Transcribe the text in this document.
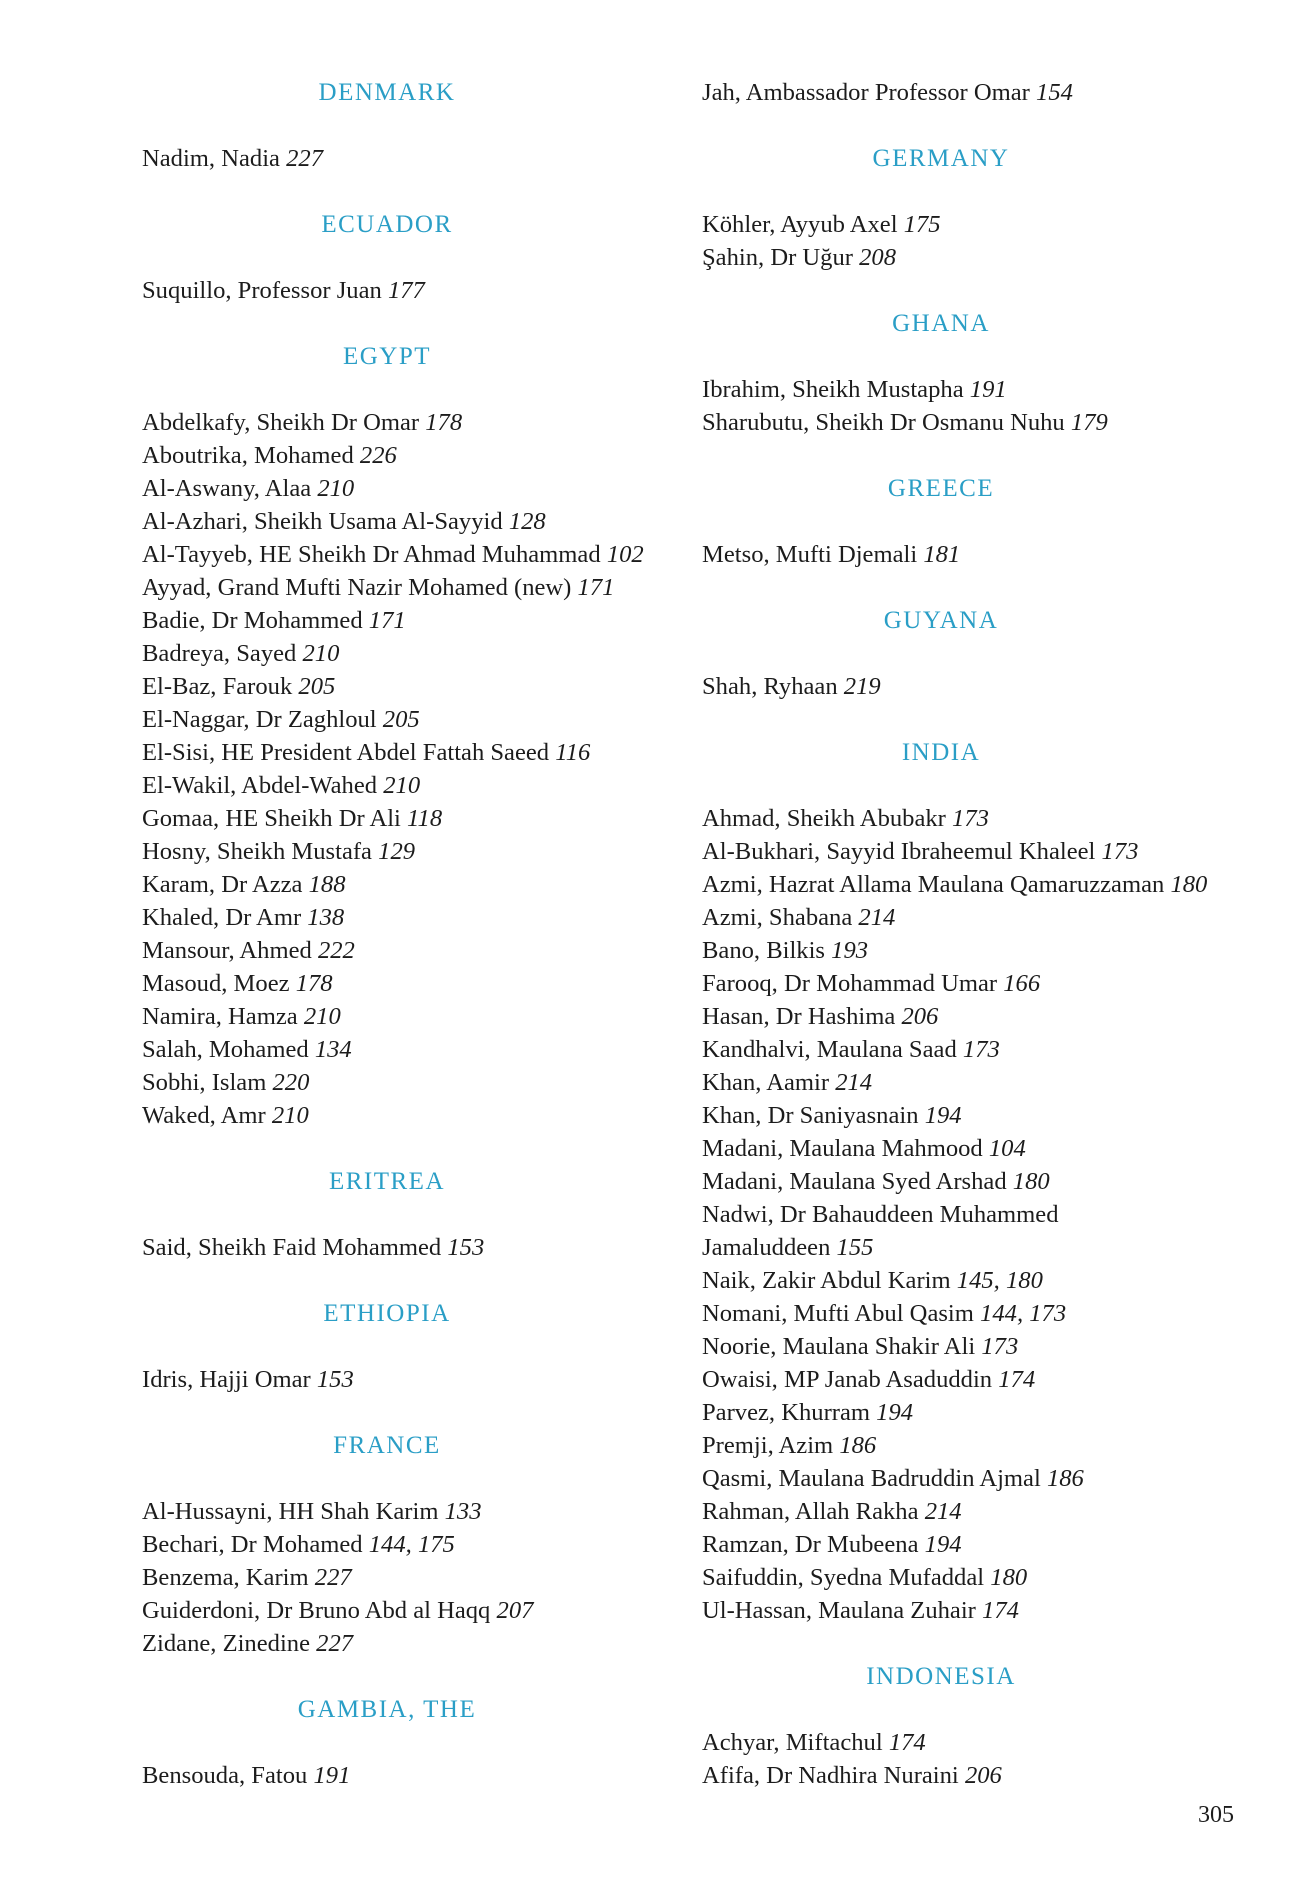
DENMARK
Nadim, Nadia 227
ECUADOR
Suquillo, Professor Juan 177
EGYPT
Abdelkafy, Sheikh Dr Omar 178
Aboutrika, Mohamed 226
Al-Aswany, Alaa 210
Al-Azhari, Sheikh Usama Al-Sayyid 128
Al-Tayyeb, HE Sheikh Dr Ahmad Muhammad 102
Ayyad, Grand Mufti Nazir Mohamed (new) 171
Badie, Dr Mohammed 171
Badreya, Sayed 210
El-Baz, Farouk 205
El-Naggar, Dr Zaghloul 205
El-Sisi, HE President Abdel Fattah Saeed 116
El-Wakil, Abdel-Wahed 210
Gomaa, HE Sheikh Dr Ali 118
Hosny, Sheikh Mustafa 129
Karam, Dr Azza 188
Khaled, Dr Amr 138
Mansour, Ahmed 222
Masoud, Moez 178
Namira, Hamza 210
Salah, Mohamed 134
Sobhi, Islam 220
Waked, Amr 210
ERITREA
Said, Sheikh Faid Mohammed 153
ETHIOPIA
Idris, Hajji Omar 153
FRANCE
Al-Hussayni, HH Shah Karim 133
Bechari, Dr Mohamed 144, 175
Benzema, Karim 227
Guiderdoni, Dr Bruno Abd al Haqq 207
Zidane, Zinedine 227
GAMBIA, THE
Bensouda, Fatou 191
Jah, Ambassador Professor Omar 154
GERMANY
Köhler, Ayyub Axel 175
Şahin, Dr Uğur 208
GHANA
Ibrahim, Sheikh Mustapha 191
Sharubutu, Sheikh Dr Osmanu Nuhu 179
GREECE
Metso, Mufti Djemali 181
GUYANA
Shah, Ryhaan 219
INDIA
Ahmad, Sheikh Abubakr 173
Al-Bukhari, Sayyid Ibraheemul Khaleel 173
Azmi, Hazrat Allama Maulana Qamaruzzaman 180
Azmi, Shabana 214
Bano, Bilkis 193
Farooq, Dr Mohammad Umar 166
Hasan, Dr Hashima 206
Kandhalvi, Maulana Saad 173
Khan, Aamir 214
Khan, Dr Saniyasnain 194
Madani, Maulana Mahmood 104
Madani, Maulana Syed Arshad 180
Nadwi, Dr Bahauddeen Muhammed
Jamaluddeen 155
Naik, Zakir Abdul Karim 145, 180
Nomani, Mufti Abul Qasim 144, 173
Noorie, Maulana Shakir Ali 173
Owaisi, MP Janab Asaduddin 174
Parvez, Khurram 194
Premji, Azim 186
Qasmi, Maulana Badruddin Ajmal 186
Rahman, Allah Rakha 214
Ramzan, Dr Mubeena 194
Saifuddin, Syedna Mufaddal 180
Ul-Hassan, Maulana Zuhair 174
INDONESIA
Achyar, Miftachul 174
Afifa, Dr Nadhira Nuraini 206
305
